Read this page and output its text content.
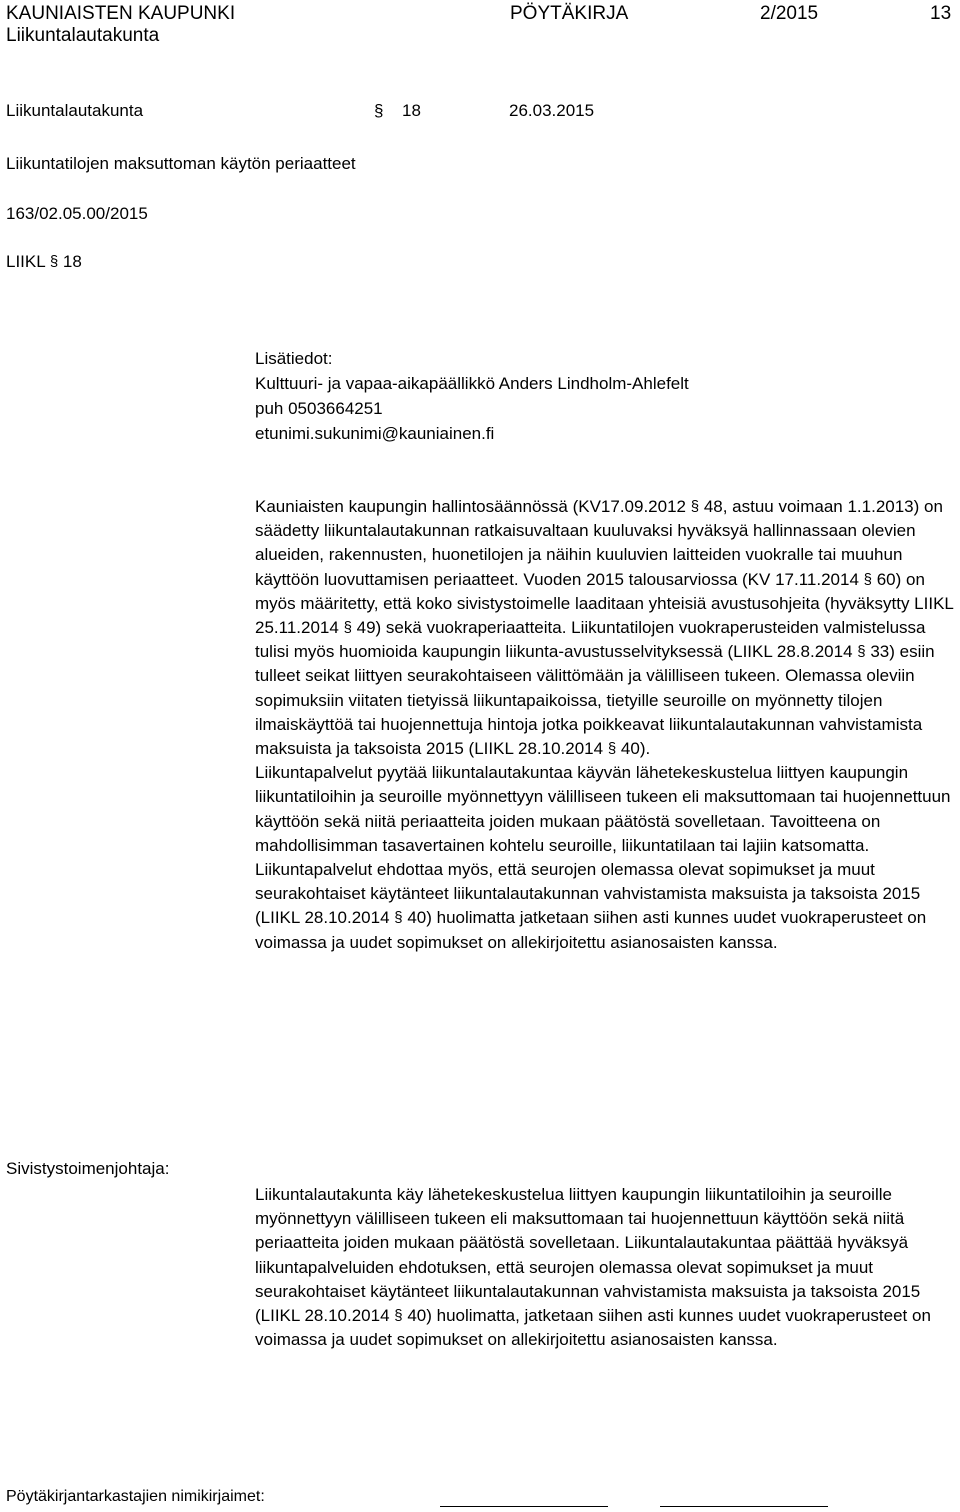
KAUNIAISTEN KAUPUNKI	PÖYTÄKIRJA	2/2015	13
Liikuntalautakunta
Liikuntalautakunta	§ 18	26.03.2015
Liikuntatilojen maksuttoman käytön periaatteet
163/02.05.00/2015
LIIKL § 18
Lisätiedot:
Kulttuuri- ja vapaa-aikapäällikkö Anders Lindholm-Ahlefelt
puh 0503664251
etunimi.sukunimi@kauniainen.fi

Kauniaisten kaupungin hallintosäännössä (KV17.09.2012 § 48, astuu voimaan 1.1.2013) on säädetty liikuntalautakunnan ratkaisuvaltaan kuuluvaksi hyväksyä hallinnassaan olevien alueiden, rakennusten, huonetilojen ja näihin kuuluvien laitteiden vuokralle tai muuhun käyttöön luovuttamisen periaatteet. Vuoden 2015 talousarviossa (KV 17.11.2014 § 60) on myös määritetty, että koko sivistystoimelle laaditaan yhteisiä avustusohjeita (hyväksytty LIIKL 25.11.2014 § 49) sekä vuokraperiaatteita. Liikuntatilojen vuokraperusteiden valmistelussa tulisi myös huomioida kaupungin liikunta-avustusselvityksessä (LIIKL 28.8.2014 § 33) esiin tulleet seikat liittyen seurakohtaiseen välittömään ja välilliseen tukeen. Olemassa oleviin sopimuksiin viitaten tietyissä liikuntapaikoissa, tietyille seuroille on myönnetty tilojen ilmaiskäyttöä tai huojennettuja hintoja jotka poikkeavat liikuntalautakunnan vahvistamista maksuista ja taksoista 2015 (LIIKL 28.10.2014 § 40).

Liikuntapalvelut pyytää liikuntalautakuntaa käyvän lähetekeskustelua liittyen kaupungin liikuntatiloihin ja seuroille myönnettyyn välilliseen tukeen eli maksuttomaan tai huojennettuun käyttöön sekä niitä periaatteita joiden mukaan päätöstä sovelletaan. Tavoitteena on mahdollisimman tasavertainen kohtelu seuroille, liikuntatilaan tai lajiin katsomatta.

Liikuntapalvelut ehdottaa myös, että seurojen olemassa olevat sopimukset ja muut seurakohtaiset käytänteet liikuntalautakunnan vahvistamista maksuista ja taksoista 2015 (LIIKL 28.10.2014 § 40) huolimatta jatketaan siihen asti kunnes uudet vuokraperusteet on voimassa ja uudet sopimukset on allekirjoitettu asianosaisten kanssa.

Sivistystoimenjohtaja:

Liikuntalautakunta käy lähetekeskustelua liittyen kaupungin liikuntatiloihin ja seuroille myönnettyyn välilliseen tukeen eli maksuttomaan tai huojennettuun käyttöön sekä niitä periaatteita joiden mukaan päätöstä sovelletaan. Liikuntalautakuntaa päättää hyväksyä liikuntapalveluiden ehdotuksen, että seurojen olemassa olevat sopimukset ja muut seurakohtaiset käytänteet liikuntalautakunnan vahvistamista maksuista ja taksoista 2015 (LIIKL 28.10.2014 § 40) huolimatta, jatketaan siihen asti kunnes uudet vuokraperusteet on voimassa ja uudet sopimukset on allekirjoitettu asianosaisten kanssa.

Pöytäkirjantarkastajien nimikirjaimet:
